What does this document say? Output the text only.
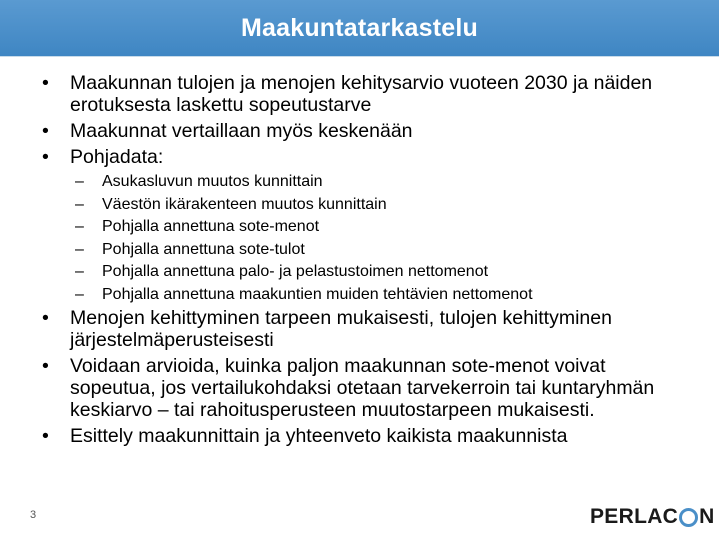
Maakuntatarkastelu
• Maakunnan tulojen ja menojen kehitysarvio vuoteen 2030 ja näiden erotuksesta laskettu sopeutustarve
• Maakunnat vertaillaan myös keskenään
• Pohjadata:
– Asukasluvun muutos kunnittain
– Väestön ikärakenteen muutos kunnittain
– Pohjalla annettuna sote-menot
– Pohjalla annettuna sote-tulot
– Pohjalla annettuna palo- ja pelastustoimen nettomenot
– Pohjalla annettuna maakuntien muiden tehtävien nettomenot
• Menojen kehittyminen tarpeen mukaisesti, tulojen kehittyminen järjestelmäperusteisesti
• Voidaan arvioida, kuinka paljon maakunnan sote-menot voivat sopeutua, jos vertailukohdaksi otetaan tarvekerroin tai kuntaryhmän keskiarvo – tai rahoitusperusteen muutostarpeen mukaisesti.
• Esittely maakunnittain ja yhteenveto kaikista maakunnista
3	PERLAC N
